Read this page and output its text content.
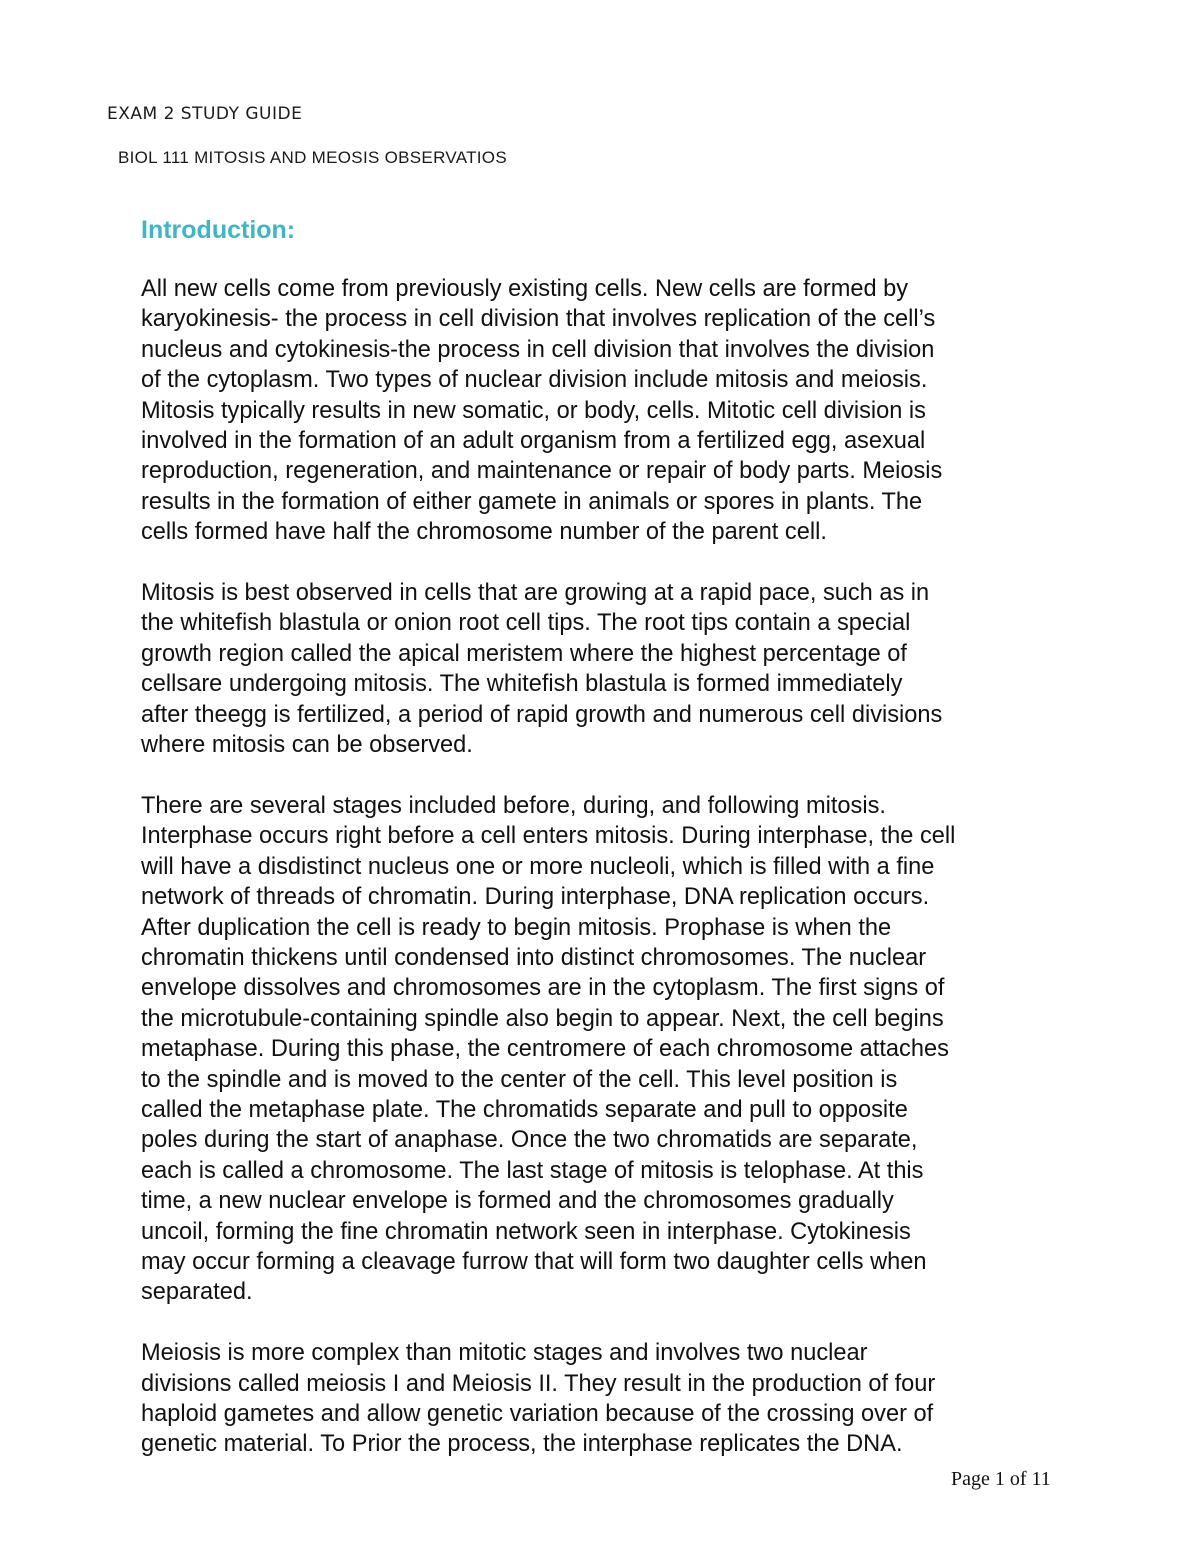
EXAM 2 STUDY GUIDE
BIOL 111 MITOSIS AND MEOSIS OBSERVATIOS
Introduction:

All new cells come from previously existing cells. New cells are formed by
karyokinesis- the process in cell division that involves replication of the cell’s
nucleus and cytokinesis-the process in cell division that involves the division
of the cytoplasm. Two types of nuclear division include mitosis and meiosis.
Mitosis typically results in new somatic, or body, cells. Mitotic cell division is
involved in the formation of an adult organism from a fertilized egg, asexual
reproduction, regeneration, and maintenance or repair of body parts. Meiosis
results in the formation of either gamete in animals or spores in plants. The
cells formed have half the chromosome number of the parent cell.

Mitosis is best observed in cells that are growing at a rapid pace, such as in
the whitefish blastula or onion root cell tips. The root tips contain a special
growth region called the apical meristem where the highest percentage of
cellsare undergoing mitosis. The whitefish blastula is formed immediately
after theegg is fertilized, a period of rapid growth and numerous cell divisions
where mitosis can be observed.

There are several stages included before, during, and following mitosis.
Interphase occurs right before a cell enters mitosis. During interphase, the cell
will have a disdistinct nucleus one or more nucleoli, which is filled with a fine
network of threads of chromatin. During interphase, DNA replication occurs.
After duplication the cell is ready to begin mitosis. Prophase is when the
chromatin thickens until condensed into distinct chromosomes. The nuclear
envelope dissolves and chromosomes are in the cytoplasm. The first signs of
the microtubule-containing spindle also begin to appear. Next, the cell begins
metaphase. During this phase, the centromere of each chromosome attaches
to the spindle and is moved to the center of the cell. This level position is
called the metaphase plate. The chromatids separate and pull to opposite
poles during the start of anaphase. Once the two chromatids are separate,
each is called a chromosome. The last stage of mitosis is telophase. At this
time, a new nuclear envelope is formed and the chromosomes gradually
uncoil, forming the fine chromatin network seen in interphase. Cytokinesis
may occur forming a cleavage furrow that will form two daughter cells when
separated.

Meiosis is more complex than mitotic stages and involves two nuclear
divisions called meiosis I and Meiosis II. They result in the production of four
haploid gametes and allow genetic variation because of the crossing over of
genetic material. To Prior the process, the interphase replicates the DNA.

Page 1 of 11
